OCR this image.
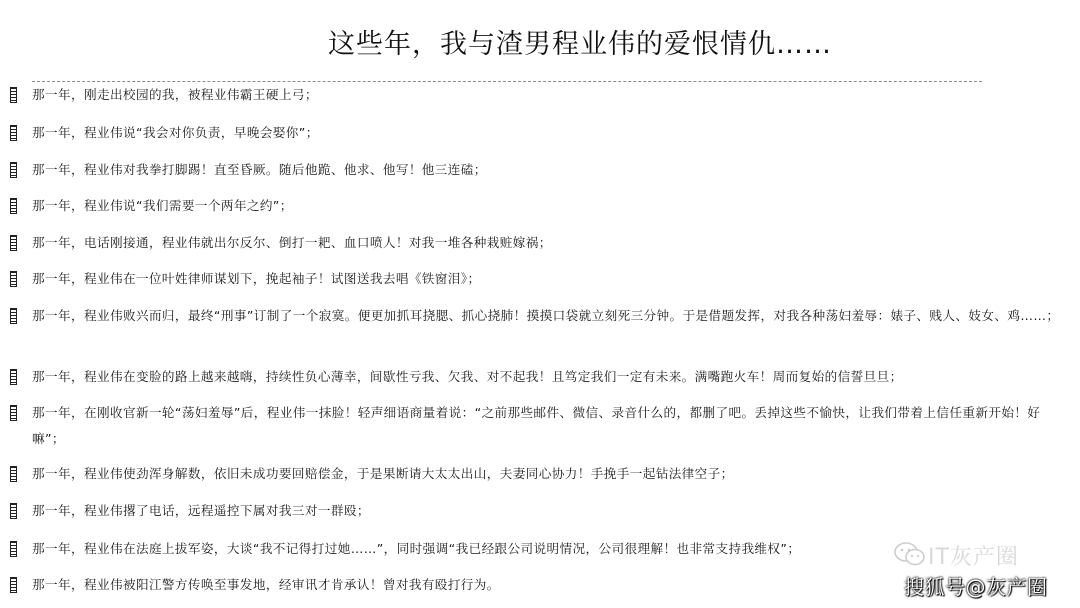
这些年，我与渣男程业伟的爱恨情仇……
那一年，刚走出校园的我，被程业伟霸王硬上弓；
那一年，程业伟说“我会对你负责，早晚会娶你”；
那一年，程业伟对我拳打脚踢！直至昏厥。随后他跪、他求、他写！他三连磕；
那一年，程业伟说“我们需要一个两年之约”；
那一年，电话刚接通，程业伟就出尔反尔、倒打一耙、血口喷人！对我一堆各种栽赃嫁祸；
那一年，程业伟在一位叶姓律师谋划下，挽起袖子！试图送我去唱《铁窗泪》；
那一年，程业伟败兴而归，最终“刑事”订制了一个寂寞。便更加抓耳挠腮、抓心挠肺！摸摸口袋就立刻死三分钟。于是借题发挥，对我各种荡妇羞辱：婊子、贱人、妓女、鸡……；
那一年，程业伟在变脸的路上越来越嗨，持续性负心薄幸，间歇性亏我、欠我、对不起我！且笃定我们一定有未来。满嘴跑火车！周而复始的信誓旦旦；
那一年，在刚收官新一轮“荡妇羞辱”后，程业伟一抹脸！轻声细语商量着说：“之前那些邮件、微信、录音什么的，都删了吧。丢掉这些不愉快，让我们带着上信任重新开始！好嘛”；
那一年，程业伟使劲浑身解数，依旧未成功要回赔偿金，于是果断请大太太出山，夫妻同心协力！手挽手一起钻法律空子；
那一年，程业伟撂了电话，远程遥控下属对我三对一群殴；
那一年，程业伟在法庭上拔军姿，大谈“我不记得打过她……”，同时强调“我已经跟公司说明情况，公司很理解！也非常支持我维权”；
那一年，程业伟被阳江警方传唤至事发地，经审讯才肯承认！曾对我有殴打行为。
IT灰产圈
搜狐号@灰产圈
